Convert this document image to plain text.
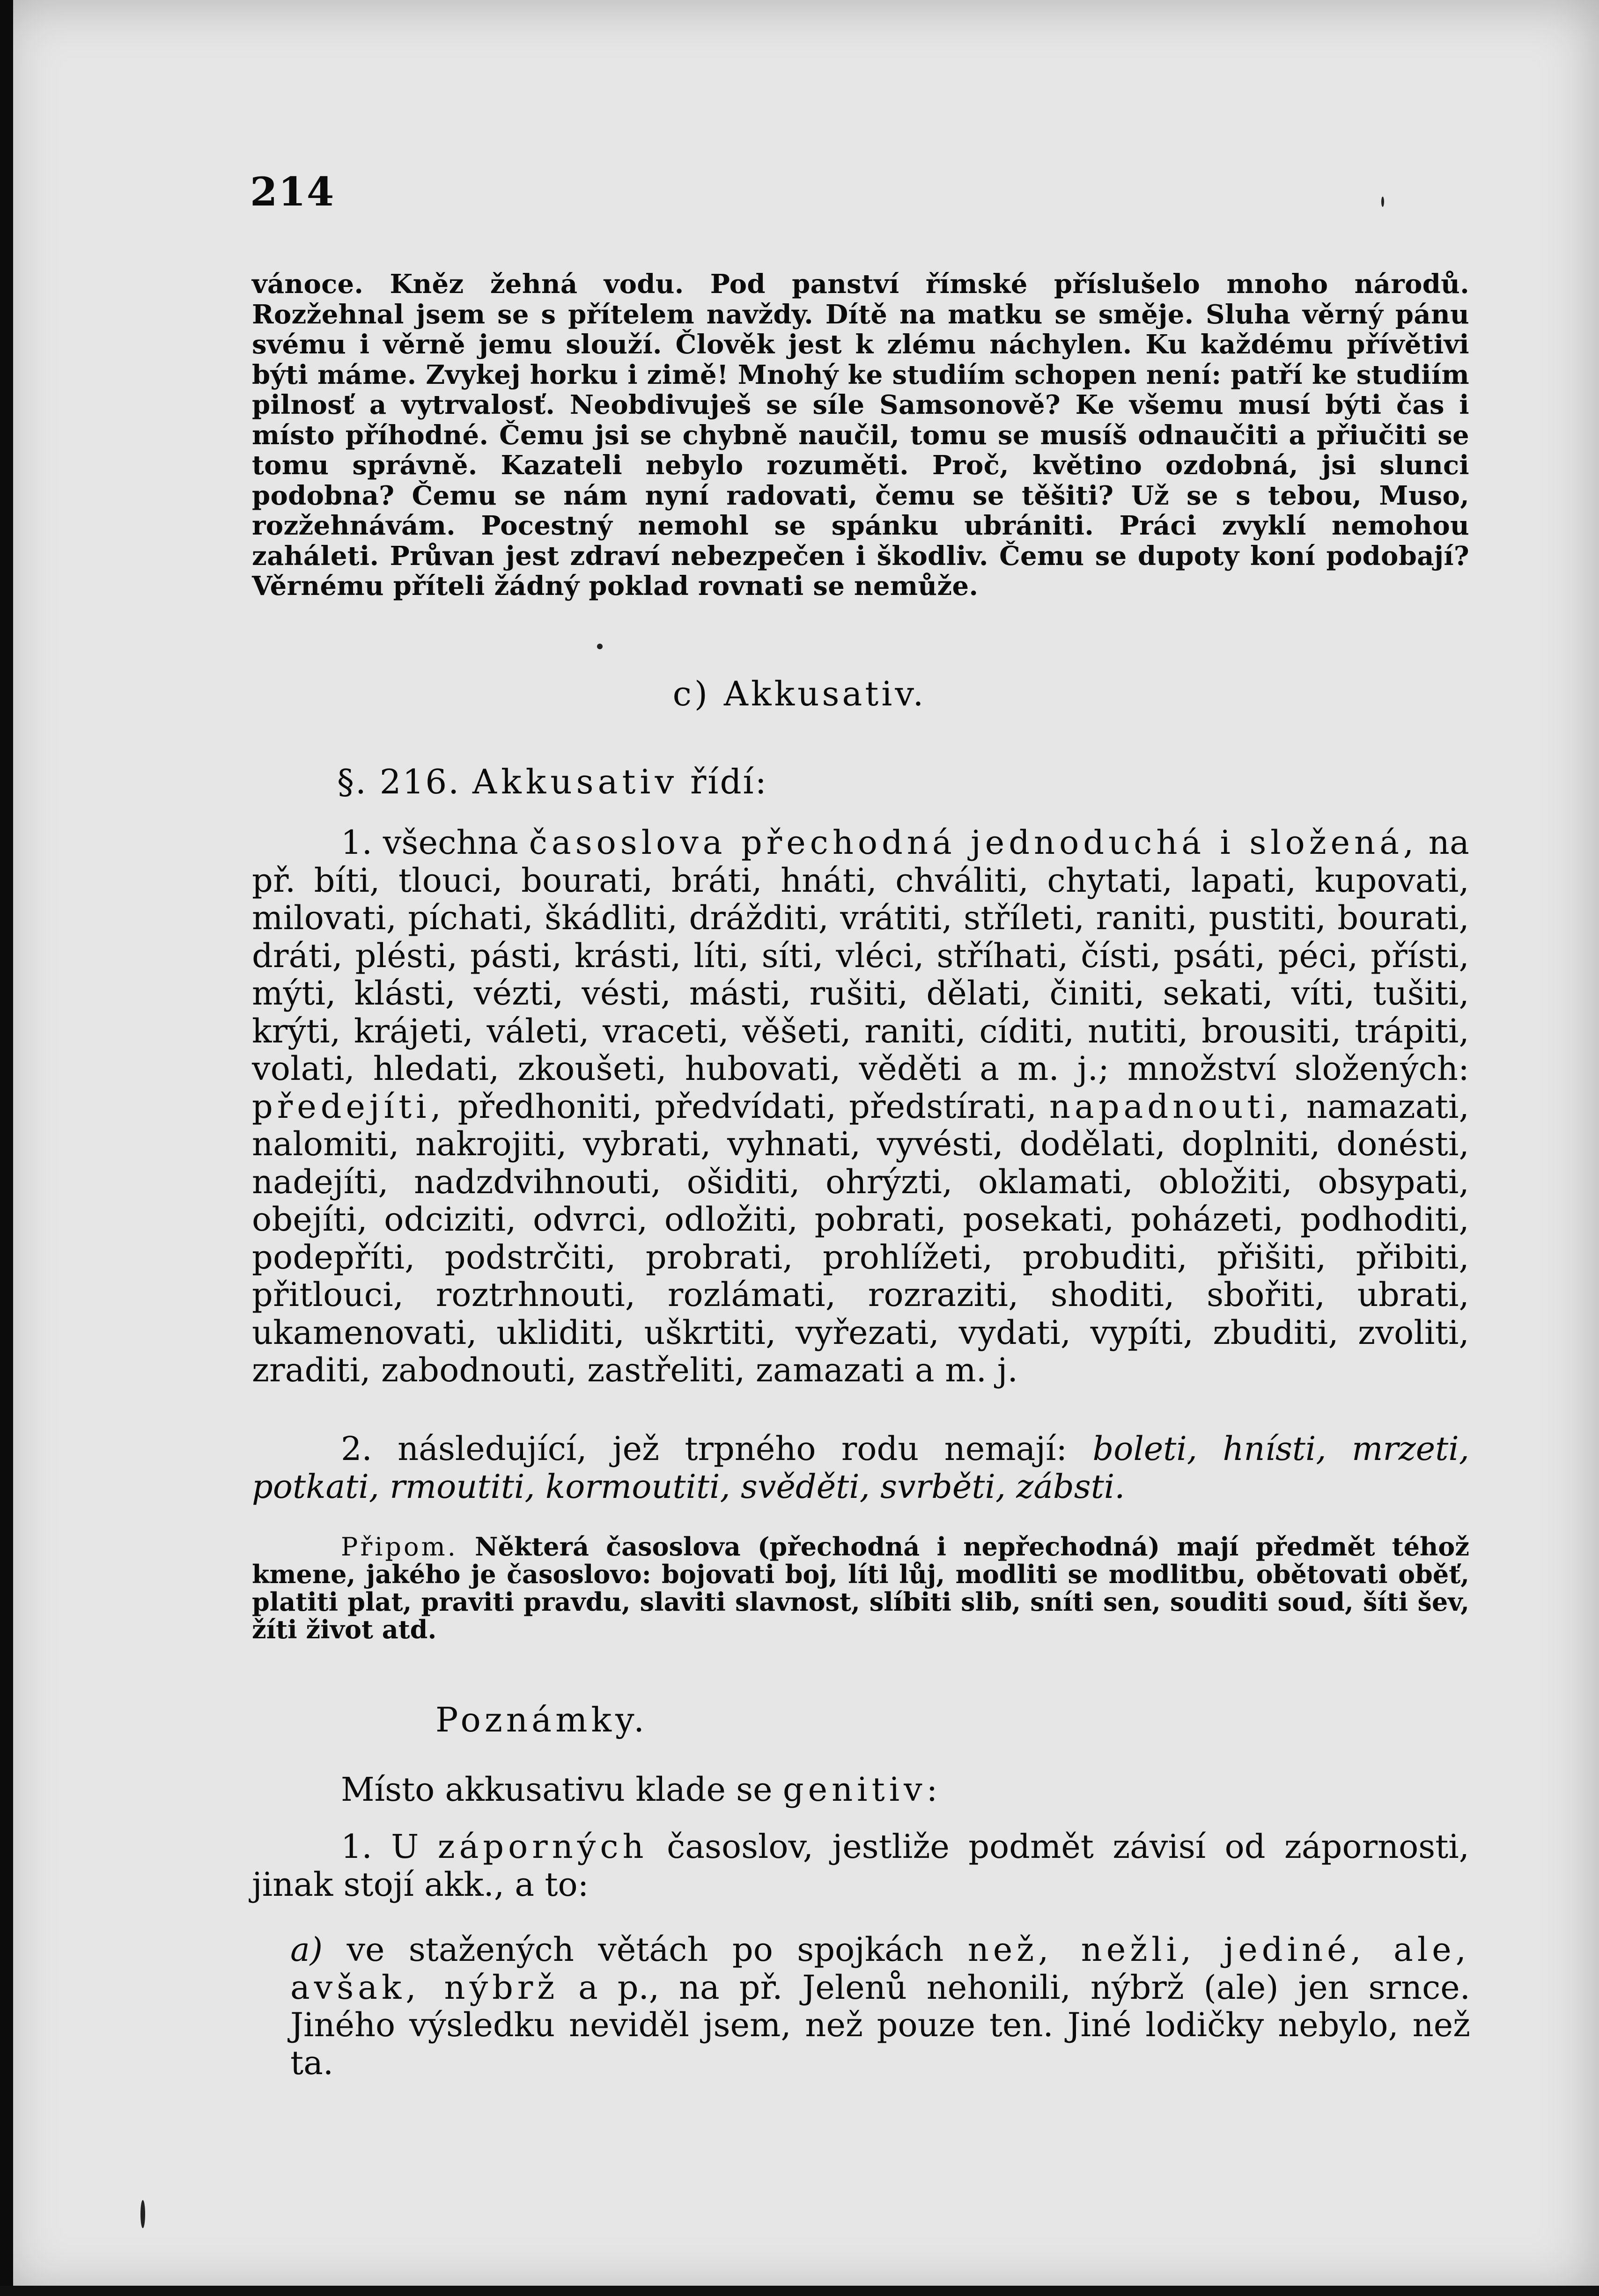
214

vánoce. Kněz žehná vodu. Pod panství římské příslušelo mnoho národů. Rozžehnal jsem se s přítelem navždy. Dítě na matku se směje. Sluha věrný pánu svému i věrně jemu slouží. Člověk jest k zlému náchylen. Ku každému přívětivi býti máme. Zvykej horku i zimě! Mnohý ke studiím schopen není: patří ke studiím pilnosť a vytrvalosť. Neobdivuješ se síle Samsonově? Ke všemu musí býti čas i místo příhodné. Čemu jsi se chybně naučil, tomu se musíš odnaučiti a přiučiti se tomu správně. Kazateli nebylo rozuměti. Proč, květino ozdobná, jsi slunci podobna? Čemu se nám nyní radovati, čemu se těšiti? Už se s tebou, Muso, rozžehnávám. Pocestný nemohl se spánku ubrániti. Práci zvyklí nemohou zaháleti. Průvan jest zdraví nebezpečen i škodliv. Čemu se dupoty koní podobají? Věrnému příteli žádný poklad rovnati se nemůže.

c) Akkusativ.
§. 216. Akkusativ řídí:

1. všechna časoslova přechodná jednoduchá i složená, na př. bíti, tlouci, bourati, bráti, hnáti, chváliti, chytati, lapati, kupovati, milovati, píchati, škádliti, drážditi, vrátiti, stříleti, raniti, pustiti, bourati, dráti, plésti, pásti, krásti, líti, síti, vléci, stříhati, čísti, psáti, péci, přísti, mýti, klásti, vézti, vésti, másti, rušiti, dělati, činiti, sekati, víti, tušiti, krýti, krájeti, váleti, vraceti, věšeti, raniti, cíditi, nutiti, brousiti, trápiti, volati, hledati, zkoušeti, hubovati, věděti a m. j.; množství složených: předejíti, předhoniti, předvídati, předstírati, napadnouti, namazati, nalomiti, nakrojiti, vybrati, vyhnati, vyvésti, dodělati, doplniti, donésti, nadejíti, nadzdvihnouti, ošiditi, ohrýzti, oklamati, obložiti, obsypati, obejíti, odciziti, odvrci, odložiti, pobrati, posekati, poházeti, podhoditi, podepříti, podstrčiti, probrati, prohlížeti, probuditi, přišiti, přibiti, přitlouci, roztrhnouti, rozlámati, rozraziti, shoditi, sbořiti, ubrati, ukamenovati, ukliditi, uškrtiti, vyřezati, vydati, vypíti, zbuditi, zvoliti, zraditi, zabodnouti, zastřeliti, zamazati a m. j.

2. následující, jež trpného rodu nemají: boleti, hnísti, mrzeti, potkati, rmoutiti, kormoutiti, svěděti, svrběti, zábsti.

Připom. Některá časoslova (přechodná i nepřechodná) mají předmět téhož kmene, jakého je časoslovo: bojovati boj, líti lůj, modliti se modlitbu, obětovati oběť, platiti plat, praviti pravdu, slaviti slavnost, slíbiti slib, sníti sen, souditi soud, šíti šev, žíti život atd.

Poznámky.
Místo akkusativu klade se genitiv:

1. U záporných časoslov, jestliže podmět závisí od zápornosti, jinak stojí akk., a to:

a) ve stažených větách po spojkách než, nežli, jediné, ale, avšak, nýbrž a p., na př. Jelenů nehonili, nýbrž (ale) jen srnce. Jiného výsledku neviděl jsem, než pouze ten. Jiné lodičky nebylo, než ta.
